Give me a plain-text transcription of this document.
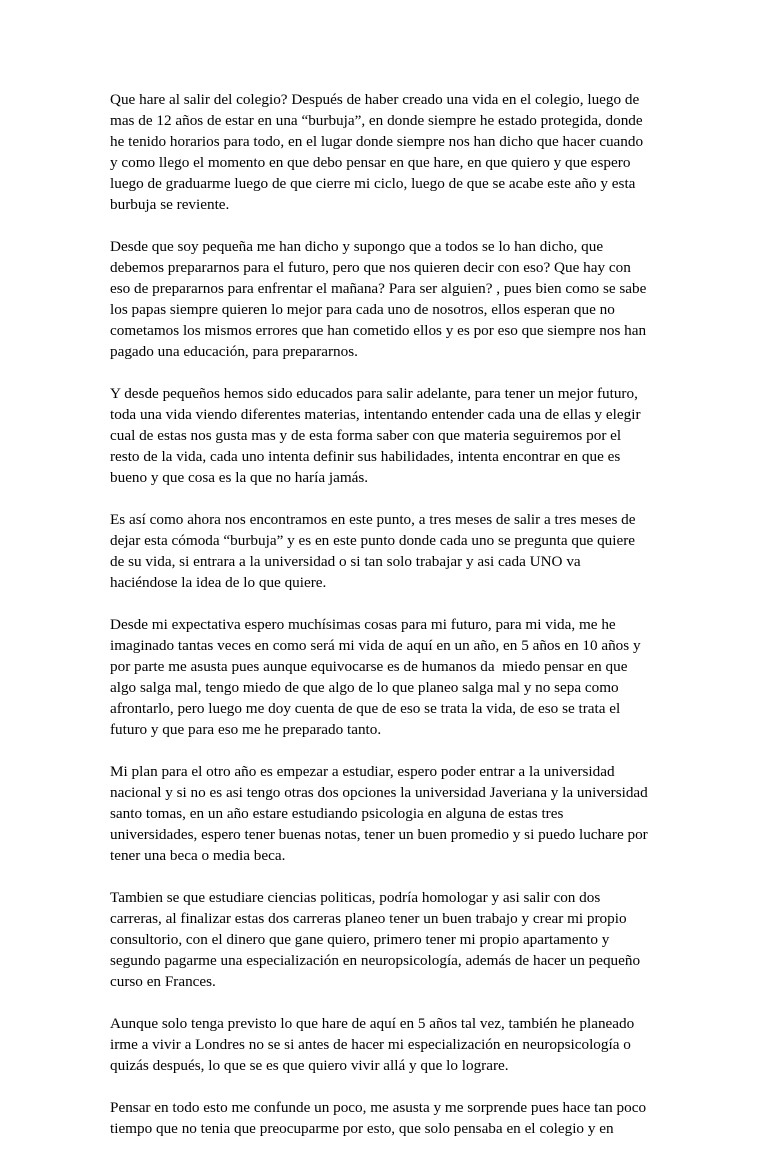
Que hare al salir del colegio? Después de haber creado una vida en el colegio, luego de
mas de 12 años de estar en una “burbuja”, en donde siempre he estado protegida, donde
he tenido horarios para todo, en el lugar donde siempre nos han dicho que hacer cuando
y como llego el momento en que debo pensar en que hare, en que quiero y que espero
luego de graduarme luego de que cierre mi ciclo, luego de que se acabe este año y esta
burbuja se reviente.

Desde que soy pequeña me han dicho y supongo que a todos se lo han dicho, que
debemos prepararnos para el futuro, pero que nos quieren decir con eso? Que hay con
eso de prepararnos para enfrentar el mañana? Para ser alguien? , pues bien como se sabe
los papas siempre quieren lo mejor para cada uno de nosotros, ellos esperan que no
cometamos los mismos errores que han cometido ellos y es por eso que siempre nos han
pagado una educación, para prepararnos.

Y desde pequeños hemos sido educados para salir adelante, para tener un mejor futuro,
toda una vida viendo diferentes materias, intentando entender cada una de ellas y elegir
cual de estas nos gusta mas y de esta forma saber con que materia seguiremos por el
resto de la vida, cada uno intenta definir sus habilidades, intenta encontrar en que es
bueno y que cosa es la que no haría jamás.

Es así como ahora nos encontramos en este punto, a tres meses de salir a tres meses de
dejar esta cómoda “burbuja” y es en este punto donde cada uno se pregunta que quiere
de su vida, si entrara a la universidad o si tan solo trabajar y asi cada UNO va
haciéndose la idea de lo que quiere.

Desde mi expectativa espero muchísimas cosas para mi futuro, para mi vida, me he
imaginado tantas veces en como será mi vida de aquí en un año, en 5 años en 10 años y
por parte me asusta pues aunque equivocarse es de humanos da  miedo pensar en que
algo salga mal, tengo miedo de que algo de lo que planeo salga mal y no sepa como
afrontarlo, pero luego me doy cuenta de que de eso se trata la vida, de eso se trata el
futuro y que para eso me he preparado tanto.

Mi plan para el otro año es empezar a estudiar, espero poder entrar a la universidad
nacional y si no es asi tengo otras dos opciones la universidad Javeriana y la universidad
santo tomas, en un año estare estudiando psicologia en alguna de estas tres
universidades, espero tener buenas notas, tener un buen promedio y si puedo luchare por
tener una beca o media beca.

Tambien se que estudiare ciencias politicas, podría homologar y asi salir con dos
carreras, al finalizar estas dos carreras planeo tener un buen trabajo y crear mi propio
consultorio, con el dinero que gane quiero, primero tener mi propio apartamento y
segundo pagarme una especialización en neuropsicología, además de hacer un pequeño
curso en Frances.

Aunque solo tenga previsto lo que hare de aquí en 5 años tal vez, también he planeado
irme a vivir a Londres no se si antes de hacer mi especialización en neuropsicología o
quizás después, lo que se es que quiero vivir allá y que lo lograre.

Pensar en todo esto me confunde un poco, me asusta y me sorprende pues hace tan poco
tiempo que no tenia que preocuparme por esto, que solo pensaba en el colegio y en
